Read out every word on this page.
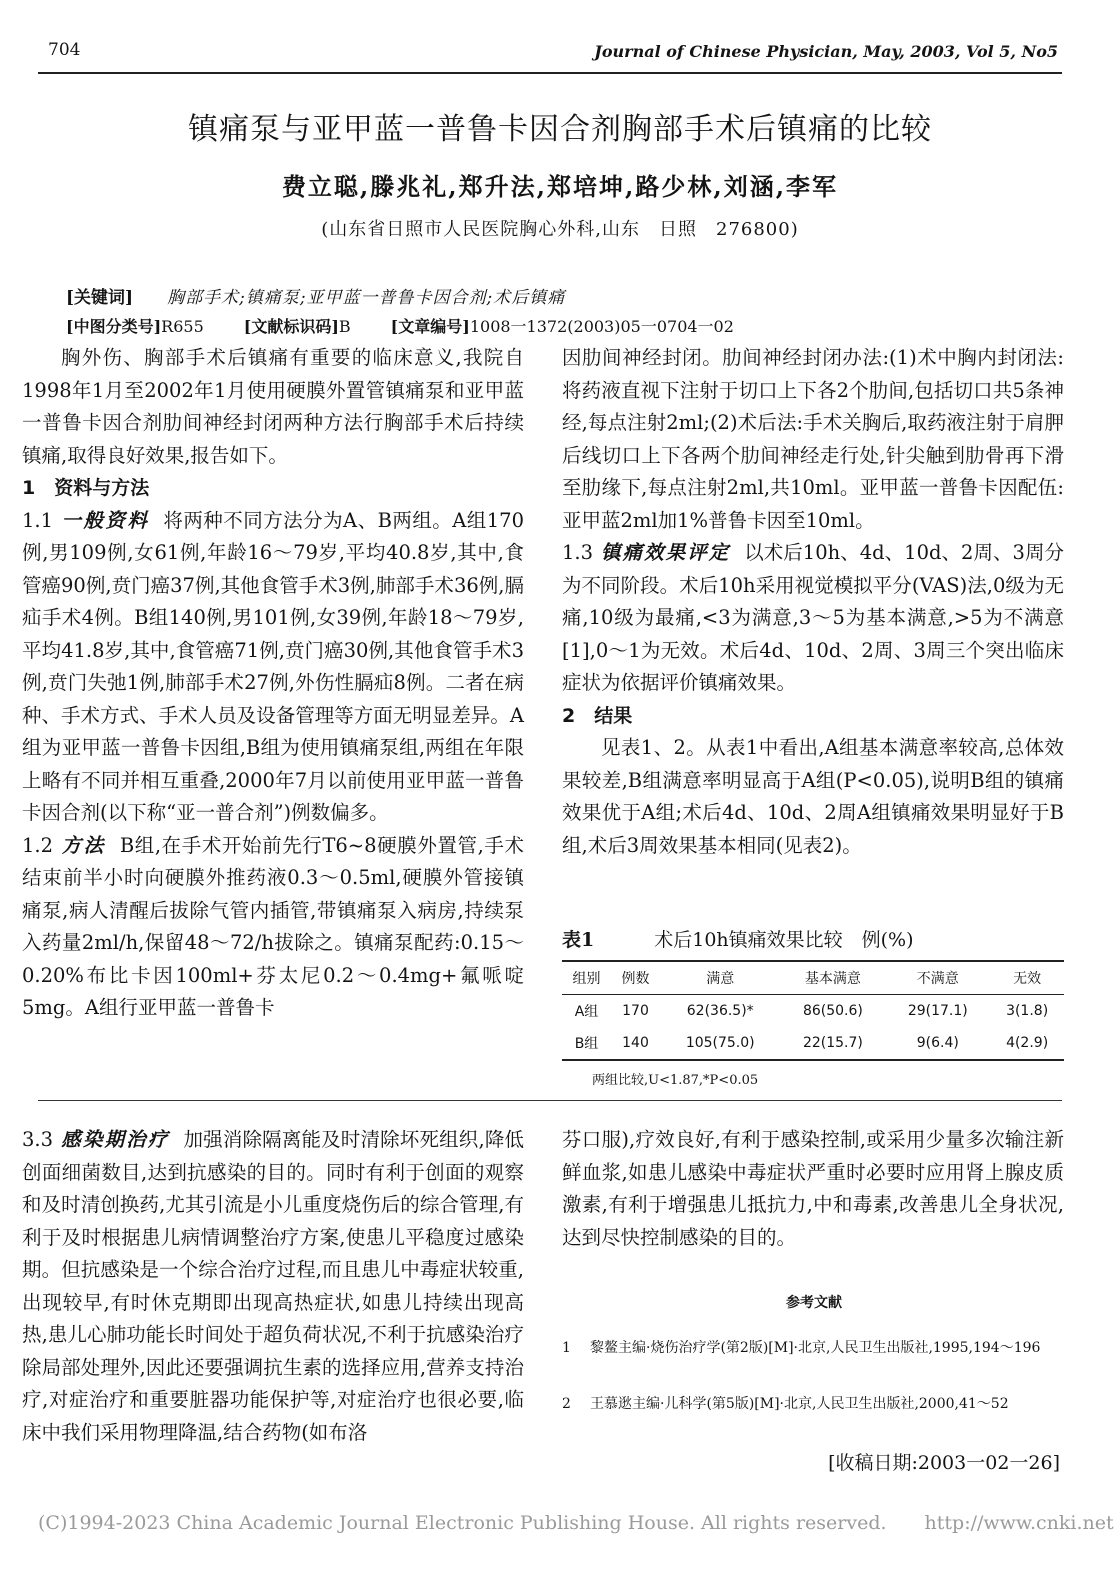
704	Journal of Chinese Physician, May, 2003, Vol 5, No5
镇痛泵与亚甲蓝一普鲁卡因合剂胸部手术后镇痛的比较
费立聪,滕兆礼,郑升法,郑培坤,路少林,刘涵,李军
(山东省日照市人民医院胸心外科,山东　日照　276800)
[关键词] 胸部手术;镇痛泵;亚甲蓝一普鲁卡因合剂;术后镇痛
[中图分类号]R655	[文献标识码]B	[文章编号]1008一1372(2003)05一0704一02

胸外伤、胸部手术后镇痛有重要的临床意义,我院自1998年1月至2002年1月使用硬膜外置管镇痛泵和亚甲蓝一普鲁卡因合剂肋间神经封闭两种方法行胸部手术后持续镇痛,取得良好效果,报告如下。

1　资料与方法

1.1 一般资料 将两种不同方法分为A、B两组。A组170例,男109例,女61例,年龄16～79岁,平均40.8岁,其中,食管癌90例,贲门癌37例,其他食管手术3例,肺部手术36例,膈疝手术4例。B组140例,男101例,女39例,年龄18～79岁,平均41.8岁,其中,食管癌71例,贲门癌30例,其他食管手术3例,贲门失弛1例,肺部手术27例,外伤性膈疝8例。二者在病种、手术方式、手术人员及设备管理等方面无明显差异。A组为亚甲蓝一普鲁卡因组,B组为使用镇痛泵组,两组在年限上略有不同并相互重叠,2000年7月以前使用亚甲蓝一普鲁卡因合剂(以下称“亚一普合剂”)例数偏多。

1.2 方法 B组,在手术开始前先行T6~8硬膜外置管,手术结束前半小时向硬膜外推药液0.3～0.5ml,硬膜外管接镇痛泵,病人清醒后拔除气管内插管,带镇痛泵入病房,持续泵入药量2ml/h,保留48～72/h拔除之。镇痛泵配药:0.15～0.20%布比卡因100ml+芬太尼0.2～0.4mg+氟哌啶5mg。A组行亚甲蓝一普鲁卡

因肋间神经封闭。肋间神经封闭办法:(1)术中胸内封闭法:将药液直视下注射于切口上下各2个肋间,包括切口共5条神经,每点注射2ml;(2)术后法:手术关胸后,取药液注射于肩胛后线切口上下各两个肋间神经走行处,针尖触到肋骨再下滑至肋缘下,每点注射2ml,共10ml。亚甲蓝一普鲁卡因配伍:亚甲蓝2ml加1%普鲁卡因至10ml。

1.3 镇痛效果评定 以术后10h、4d、10d、2周、3周分为不同阶段。术后10h采用视觉模拟平分(VAS)法,0级为无痛,10级为最痛,<3为满意,3～5为基本满意,>5为不满意[1],0～1为无效。术后4d、10d、2周、3周三个突出临床症状为依据评价镇痛效果。

2　结果

见表1、2。从表1中看出,A组基本满意率较高,总体效果较差,B组满意率明显高于A组(P<0.05),说明B组的镇痛效果优于A组;术后4d、10d、2周A组镇痛效果明显好于B组,术后3周效果基本相同(见表2)。

表1	术后10h镇痛效果比较　例(%)
组别	例数	满意	基本满意	不满意	无效
A组	170	62(36.5)*	86(50.6)	29(17.1)	3(1.8)
B组	140	105(75.0)	22(15.7)	9(6.4)	4(2.9)
两组比较,U<1.87,*P<0.05

3.3 感染期治疗 加强消除隔离能及时清除坏死组织,降低创面细菌数目,达到抗感染的目的。同时有利于创面的观察和及时清创换药,尤其引流是小儿重度烧伤后的综合管理,有利于及时根据患儿病情调整治疗方案,使患儿平稳度过感染期。但抗感染是一个综合治疗过程,而且患儿中毒症状较重,出现较早,有时休克期即出现高热症状,如患儿持续出现高热,患儿心肺功能长时间处于超负荷状况,不利于抗感染治疗除局部处理外,因此还要强调抗生素的选择应用,营养支持治疗,对症治疗和重要脏器功能保护等,对症治疗也很必要,临床中我们采用物理降温,结合药物(如布洛

芬口服),疗效良好,有利于感染控制,或采用少量多次输注新鲜血浆,如患儿感染中毒症状严重时必要时应用肾上腺皮质激素,有利于增强患儿抵抗力,中和毒素,改善患儿全身状况,达到尽快控制感染的目的。

参考文献
1 黎鳌主编·烧伤治疗学(第2版)[M]·北京,人民卫生出版社,1995,194～196
2 王慕逖主编·儿科学(第5版)[M]·北京,人民卫生出版社,2000,41～52
[收稿日期:2003一02一26]
(C)1994-2023 China Academic Journal Electronic Publishing House. All rights reserved.　　http://www.cnki.net
